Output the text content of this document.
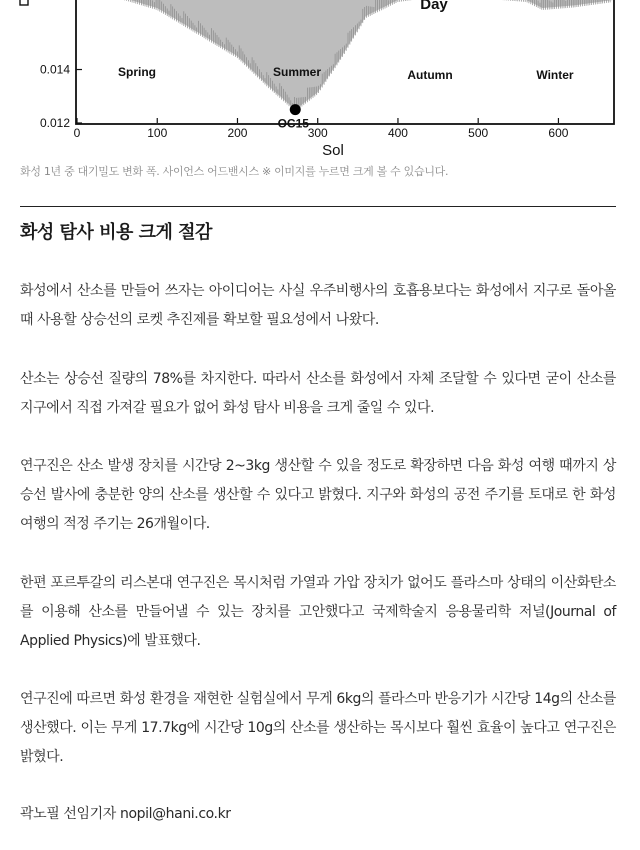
0	100	200	300	400	500	600
0.012
0.014
Sol
Spring	Summer	Autumn	Winter
Day
OC15
화성 1년 중 대기밀도 변화 폭. 사이언스 어드밴시스 ※ 이미지를 누르면 크게 볼 수 있습니다.
화성 탐사 비용 크게 절감

화성에서 산소를 만들어 쓰자는 아이디어는 사실 우주비행사의 호흡용보다는 화성에서 지구로 돌아올 때 사용할 상승선의 로켓 추진제를 확보할 필요성에서 나왔다.

산소는 상승선 질량의 78%를 차지한다. 따라서 산소를 화성에서 자체 조달할 수 있다면 굳이 산소를 지구에서 직접 가져갈 필요가 없어 화성 탐사 비용을 크게 줄일 수 있다.

연구진은 산소 발생 장치를 시간당 2~3kg 생산할 수 있을 정도로 확장하면 다음 화성 여행 때까지 상승선 발사에 충분한 양의 산소를 생산할 수 있다고 밝혔다. 지구와 화성의 공전 주기를 토대로 한 화성 여행의 적정 주기는 26개월이다.

한편 포르투갈의 리스본대 연구진은 목시처럼 가열과 가압 장치가 없어도 플라스마 상태의 이산화탄소를 이용해 산소를 만들어낼 수 있는 장치를 고안했다고 국제학술지 응용물리학 저널(Journal of Applied Physics)에 발표했다.

연구진에 따르면 화성 환경을 재현한 실험실에서 무게 6kg의 플라스마 반응기가 시간당 14g의 산소를 생산했다. 이는 무게 17.7kg에 시간당 10g의 산소를 생산하는 목시보다 훨씬 효율이 높다고 연구진은 밝혔다.

곽노필 선임기자 nopil@hani.co.kr
